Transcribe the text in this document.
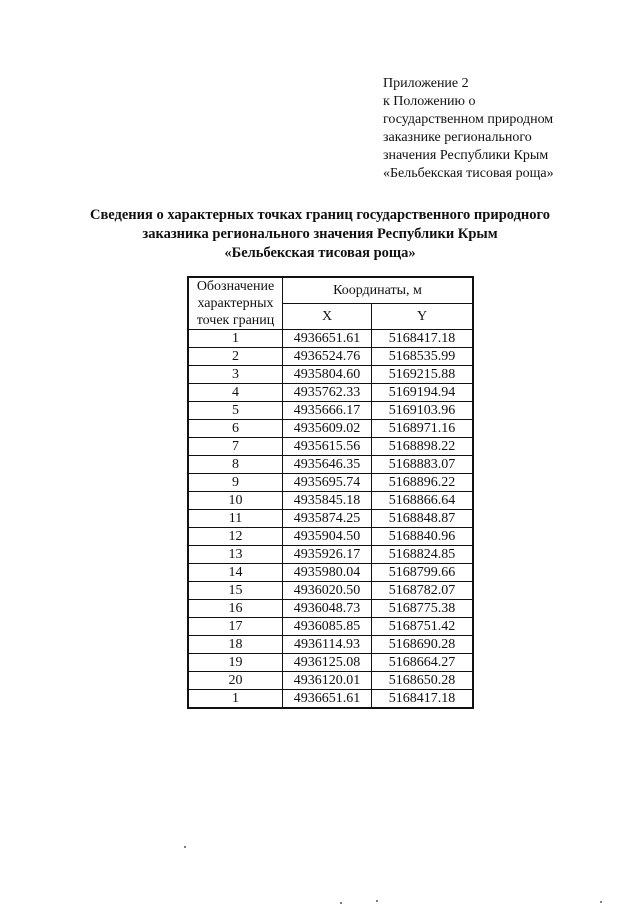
Приложение 2
к Положению о
государственном природном
заказнике регионального
значения Республики Крым
«Бельбекская тисовая роща»
Сведения о характерных точках границ государственного природного
заказника регионального значения Республики Крым
«Бельбекская тисовая роща»
Обозначение
характерных
точек границ	Координаты, м	
	X	Y
1	4936651.61	5168417.18
2	4936524.76	5168535.99
3	4935804.60	5169215.88
4	4935762.33	5169194.94
5	4935666.17	5169103.96
6	4935609.02	5168971.16
7	4935615.56	5168898.22
8	4935646.35	5168883.07
9	4935695.74	5168896.22
10	4935845.18	5168866.64
11	4935874.25	5168848.87
12	4935904.50	5168840.96
13	4935926.17	5168824.85
14	4935980.04	5168799.66
15	4936020.50	5168782.07
16	4936048.73	5168775.38
17	4936085.85	5168751.42
18	4936114.93	5168690.28
19	4936125.08	5168664.27
20	4936120.01	5168650.28
1	4936651.61	5168417.18
